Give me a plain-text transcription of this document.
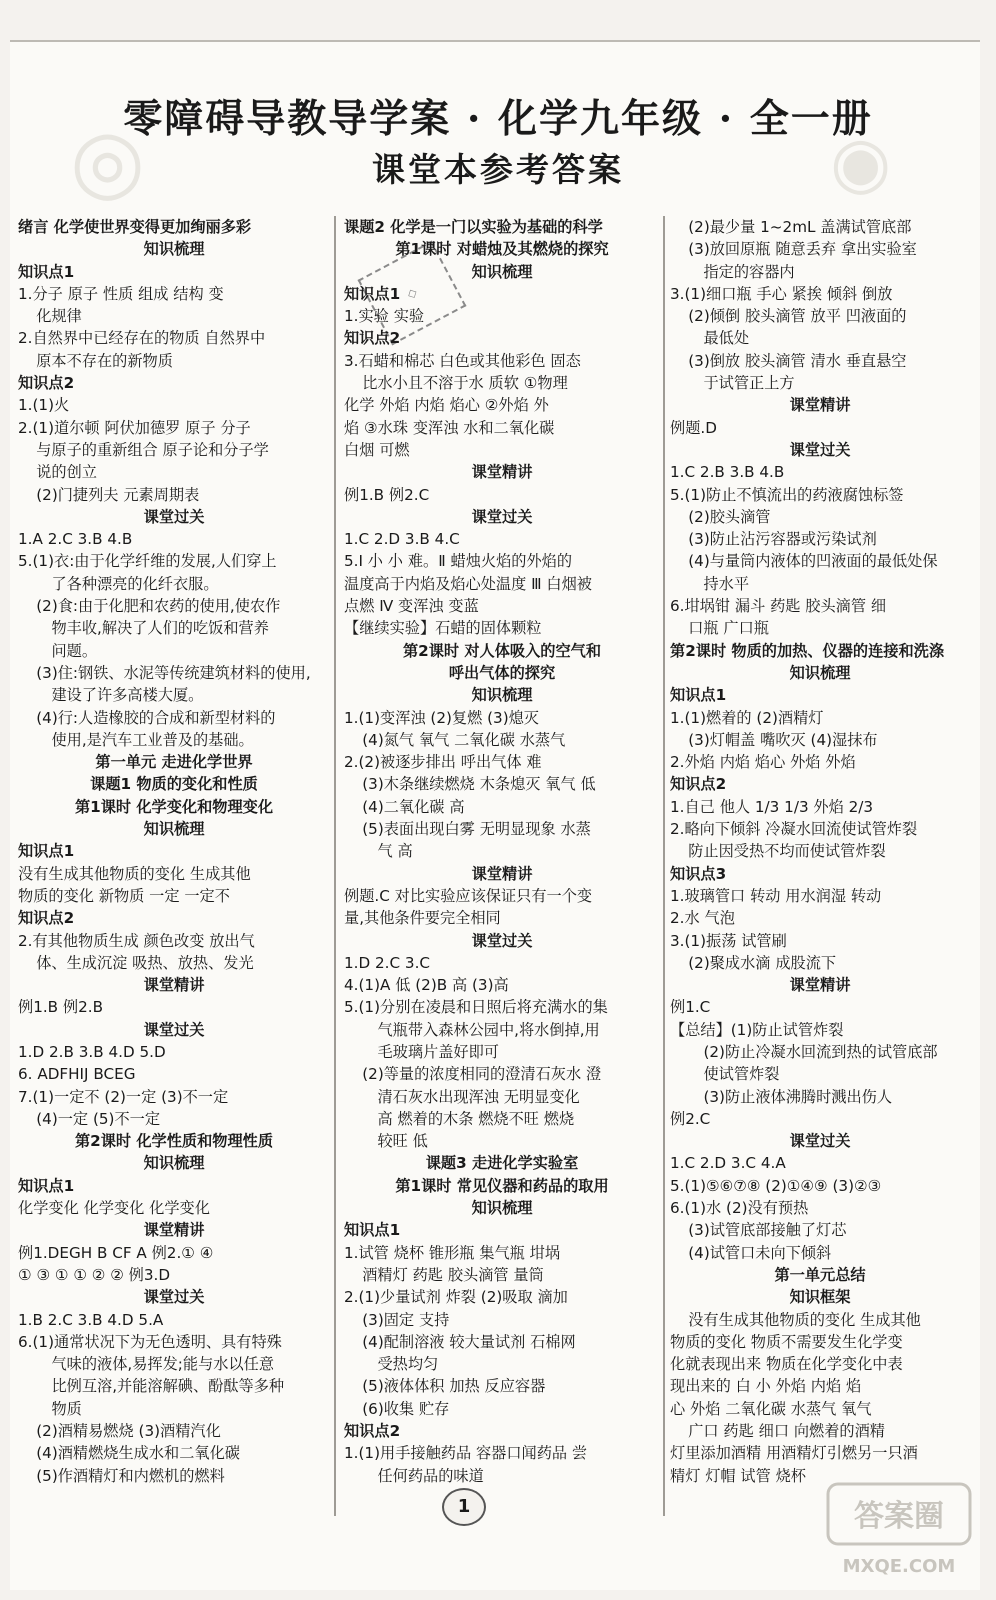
◎	◉
零障碍导教导学案 · 化学九年级 · 全一册
课堂本参考答案
◇
绪言 化学使世界变得更加绚丽多彩
知识梳理
知识点1
1.分子 原子 性质 组成 结构 变
化规律
2.自然界中已经存在的物质 自然界中
原本不存在的新物质
知识点2
1.(1)火
2.(1)道尔顿 阿伏加德罗 原子 分子
与原子的重新组合 原子论和分子学
说的创立
(2)门捷列夫 元素周期表
课堂过关
1.A 2.C 3.B 4.B
5.(1)衣:由于化学纤维的发展,人们穿上
了各种漂亮的化纤衣服。
(2)食:由于化肥和农药的使用,使农作
物丰收,解决了人们的吃饭和营养
问题。
(3)住:钢铁、水泥等传统建筑材料的使用,
建设了许多高楼大厦。
(4)行:人造橡胶的合成和新型材料的
使用,是汽车工业普及的基础。
第一单元 走进化学世界
课题1 物质的变化和性质
第1课时 化学变化和物理变化
知识梳理
知识点1
没有生成其他物质的变化 生成其他
物质的变化 新物质 一定 一定不
知识点2
2.有其他物质生成 颜色改变 放出气
体、生成沉淀 吸热、放热、发光
课堂精讲
例1.B 例2.B
课堂过关
1.D 2.B 3.B 4.D 5.D
6. ADFHIJ BCEG
7.(1)一定不 (2)一定 (3)不一定
(4)一定 (5)不一定
第2课时 化学性质和物理性质
知识梳理
知识点1
化学变化 化学变化 化学变化
课堂精讲
例1.DEGH B CF A 例2.① ④
① ③ ① ① ② ② 例3.D
课堂过关
1.B 2.C 3.B 4.D 5.A
6.(1)通常状况下为无色透明、具有特殊
气味的液体,易挥发;能与水以任意
比例互溶,并能溶解碘、酚酞等多种
物质
(2)酒精易燃烧 (3)酒精汽化
(4)酒精燃烧生成水和二氧化碳
(5)作酒精灯和内燃机的燃料
课题2 化学是一门以实验为基础的科学
第1课时 对蜡烛及其燃烧的探究
知识梳理
知识点1
1.实验 实验
知识点2
3.石蜡和棉芯 白色或其他彩色 固态
比水小且不溶于水 质软 ①物理
化学 外焰 内焰 焰心 ②外焰 外
焰 ③水珠 变浑浊 水和二氧化碳
白烟 可燃
课堂精讲
例1.B 例2.C
课堂过关
1.C 2.D 3.B 4.C
5.Ⅰ 小 小 难。Ⅱ 蜡烛火焰的外焰的
温度高于内焰及焰心处温度 Ⅲ 白烟被
点燃 Ⅳ 变浑浊 变蓝
【继续实验】石蜡的固体颗粒
第2课时 对人体吸入的空气和
呼出气体的探究
知识梳理
1.(1)变浑浊 (2)复燃 (3)熄灭
(4)氮气 氧气 二氧化碳 水蒸气
2.(2)被逐步排出 呼出气体 难
(3)木条继续燃烧 木条熄灭 氧气 低
(4)二氧化碳 高
(5)表面出现白雾 无明显现象 水蒸
气 高
课堂精讲
例题.C 对比实验应该保证只有一个变
量,其他条件要完全相同
课堂过关
1.D 2.C 3.C
4.(1)A 低 (2)B 高 (3)高
5.(1)分别在凌晨和日照后将充满水的集
气瓶带入森林公园中,将水倒掉,用
毛玻璃片盖好即可
(2)等量的浓度相同的澄清石灰水 澄
清石灰水出现浑浊 无明显变化
高 燃着的木条 燃烧不旺 燃烧
较旺 低
课题3 走进化学实验室
第1课时 常见仪器和药品的取用
知识梳理
知识点1
1.试管 烧杯 锥形瓶 集气瓶 坩埚
酒精灯 药匙 胶头滴管 量筒
2.(1)少量试剂 炸裂 (2)吸取 滴加
(3)固定 支持
(4)配制溶液 较大量试剂 石棉网
受热均匀
(5)液体体积 加热 反应容器
(6)收集 贮存
知识点2
1.(1)用手接触药品 容器口闻药品 尝
任何药品的味道
(2)最少量 1~2mL 盖满试管底部
(3)放回原瓶 随意丢弃 拿出实验室
指定的容器内
3.(1)细口瓶 手心 紧挨 倾斜 倒放
(2)倾倒 胶头滴管 放平 凹液面的
最低处
(3)倒放 胶头滴管 清水 垂直悬空
于试管正上方
课堂精讲
例题.D
课堂过关
1.C 2.B 3.B 4.B
5.(1)防止不慎流出的药液腐蚀标签
(2)胶头滴管
(3)防止沾污容器或污染试剂
(4)与量筒内液体的凹液面的最低处保
持水平
6.坩埚钳 漏斗 药匙 胶头滴管 细
口瓶 广口瓶
第2课时 物质的加热、仪器的连接和洗涤
知识梳理
知识点1
1.(1)燃着的 (2)酒精灯
(3)灯帽盖 嘴吹灭 (4)湿抹布
2.外焰 内焰 焰心 外焰 外焰
知识点2
1.自己 他人 1/3 1/3 外焰 2/3
2.略向下倾斜 冷凝水回流使试管炸裂
防止因受热不均而使试管炸裂
知识点3
1.玻璃管口 转动 用水润湿 转动
2.水 气泡
3.(1)振荡 试管刷
(2)聚成水滴 成股流下
课堂精讲
例1.C
【总结】(1)防止试管炸裂
(2)防止冷凝水回流到热的试管底部
使试管炸裂
(3)防止液体沸腾时溅出伤人
例2.C
课堂过关
1.C 2.D 3.C 4.A
5.(1)⑤⑥⑦⑧ (2)①④⑨ (3)②③
6.(1)水 (2)没有预热
(3)试管底部接触了灯芯
(4)试管口未向下倾斜
第一单元总结
知识框架
没有生成其他物质的变化 生成其他
物质的变化 物质不需要发生化学变
化就表现出来 物质在化学变化中表
现出来的 白 小 外焰 内焰 焰
心 外焰 二氧化碳 水蒸气 氧气
广口 药匙 细口 向燃着的酒精
灯里添加酒精 用酒精灯引燃另一只酒
精灯 灯帽 试管 烧杯
1	答案圈
MXQE.COM
